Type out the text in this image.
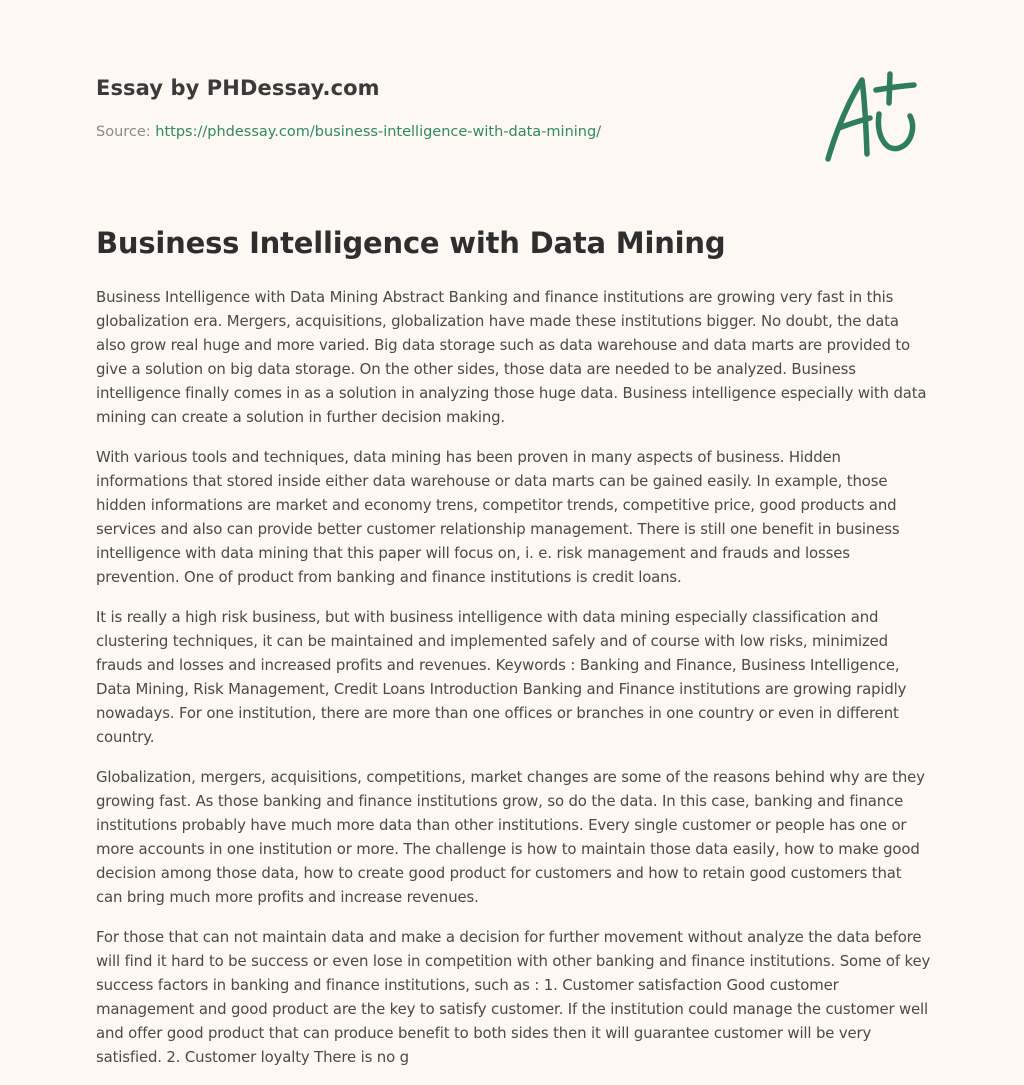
Essay by PHDessay.com
Source: https://phdessay.com/business-intelligence-with-data-mining/
Business Intelligence with Data Mining

Business Intelligence with Data Mining Abstract Banking and finance institutions are growing very fast in this globalization era. Mergers, acquisitions, globalization have made these institutions bigger. No doubt, the data also grow real huge and more varied. Big data storage such as data warehouse and data marts are provided to give a solution on big data storage. On the other sides, those data are needed to be analyzed. Business intelligence finally comes in as a solution in analyzing those huge data. Business intelligence especially with data mining can create a solution in further decision making.

With various tools and techniques, data mining has been proven in many aspects of business. Hidden informations that stored inside either data warehouse or data marts can be gained easily. In example, those hidden informations are market and economy trens, competitor trends, competitive price, good products and services and also can provide better customer relationship management. There is still one benefit in business intelligence with data mining that this paper will focus on, i. e. risk management and frauds and losses prevention. One of product from banking and finance institutions is credit loans.

It is really a high risk business, but with business intelligence with data mining especially classification and clustering techniques, it can be maintained and implemented safely and of course with low risks, minimized frauds and losses and increased profits and revenues. Keywords : Banking and Finance, Business Intelligence, Data Mining, Risk Management, Credit Loans Introduction Banking and Finance institutions are growing rapidly nowadays. For one institution, there are more than one offices or branches in one country or even in different country.

Globalization, mergers, acquisitions, competitions, market changes are some of the reasons behind why are they growing fast. As those banking and finance institutions grow, so do the data. In this case, banking and finance institutions probably have much more data than other institutions. Every single customer or people has one or more accounts in one institution or more. The challenge is how to maintain those data easily, how to make good decision among those data, how to create good product for customers and how to retain good customers that can bring much more profits and increase revenues.

For those that can not maintain data and make a decision for further movement without analyze the data before will find it hard to be success or even lose in competition with other banking and finance institutions. Some of key success factors in banking and finance institutions, such as : 1. Customer satisfaction Good customer management and good product are the key to satisfy customer. If the institution could manage the customer well and offer good product that can produce benefit to both sides then it will guarantee customer will be very satisfied. 2. Customer loyalty There is no g
